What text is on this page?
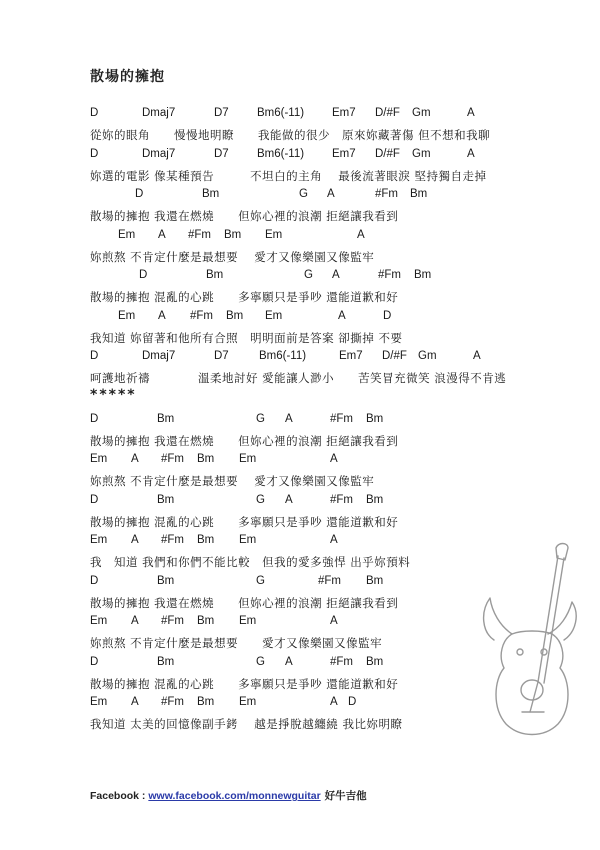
散場的擁抱
D	Dmaj7	D7 Bm6(-11) Em7 D/#F Gm	A
從妳的眼角　　慢慢地明瞭　　我能做的很少　原來妳藏著傷 但不想和我聊
D	Dmaj7	D7 Bm6(-11) Em7 D/#F Gm	A
妳選的電影 像某種預告　　　不坦白的主角　 最後流著眼淚 堅持獨自走掉
D	Bm	G A	#Fm Bm
散場的擁抱 我還在燃燒　　但妳心裡的浪潮 拒絕讓我看到
Em A #Fm Bm Em	A
妳煎熬 不肯定什麼是最想要　 愛才又像樂園又像監牢
D	Bm	G A	#Fm Bm
散場的擁抱 混亂的心跳　　多寧願只是爭吵 還能道歉和好
Em A #Fm Bm Em	A	D
我知道 妳留著和他所有合照　明明面前是答案 卻撕掉 不要
D	Dmaj7	D7	Bm6(-11)	Em7 D/#F Gm	A
呵護地祈禱　　　　溫柔地討好 愛能讓人渺小　　苦笑冒充微笑 浪漫得不肯逃
D	Bm	G A	#Fm Bm
散場的擁抱 我還在燃燒　　但妳心裡的浪潮 拒絕讓我看到
Em A #Fm Bm Em	A
妳煎熬 不肯定什麼是最想要　 愛才又像樂園又像監牢
D	Bm	G A	#Fm Bm
散場的擁抱 混亂的心跳　　多寧願只是爭吵 還能道歉和好
Em A #Fm Bm Em	A
我　知道 我們和你們不能比較　但我的愛多強悍 出乎妳預料
D	Bm	G	#Fm Bm
散場的擁抱 我還在燃燒　　但妳心裡的浪潮 拒絕讓我看到
Em A #Fm Bm Em	A
妳煎熬 不肯定什麼是最想要　　愛才又像樂園又像監牢
D	Bm	G A	#Fm Bm
散場的擁抱 混亂的心跳　　多寧願只是爭吵 還能道歉和好
Em A #Fm Bm Em	A D
我知道 太美的回憶像副手銬　 越是掙脫越纏繞 我比妳明瞭
*****
Facebook : www.facebook.com/monnewguitar 好牛吉他
